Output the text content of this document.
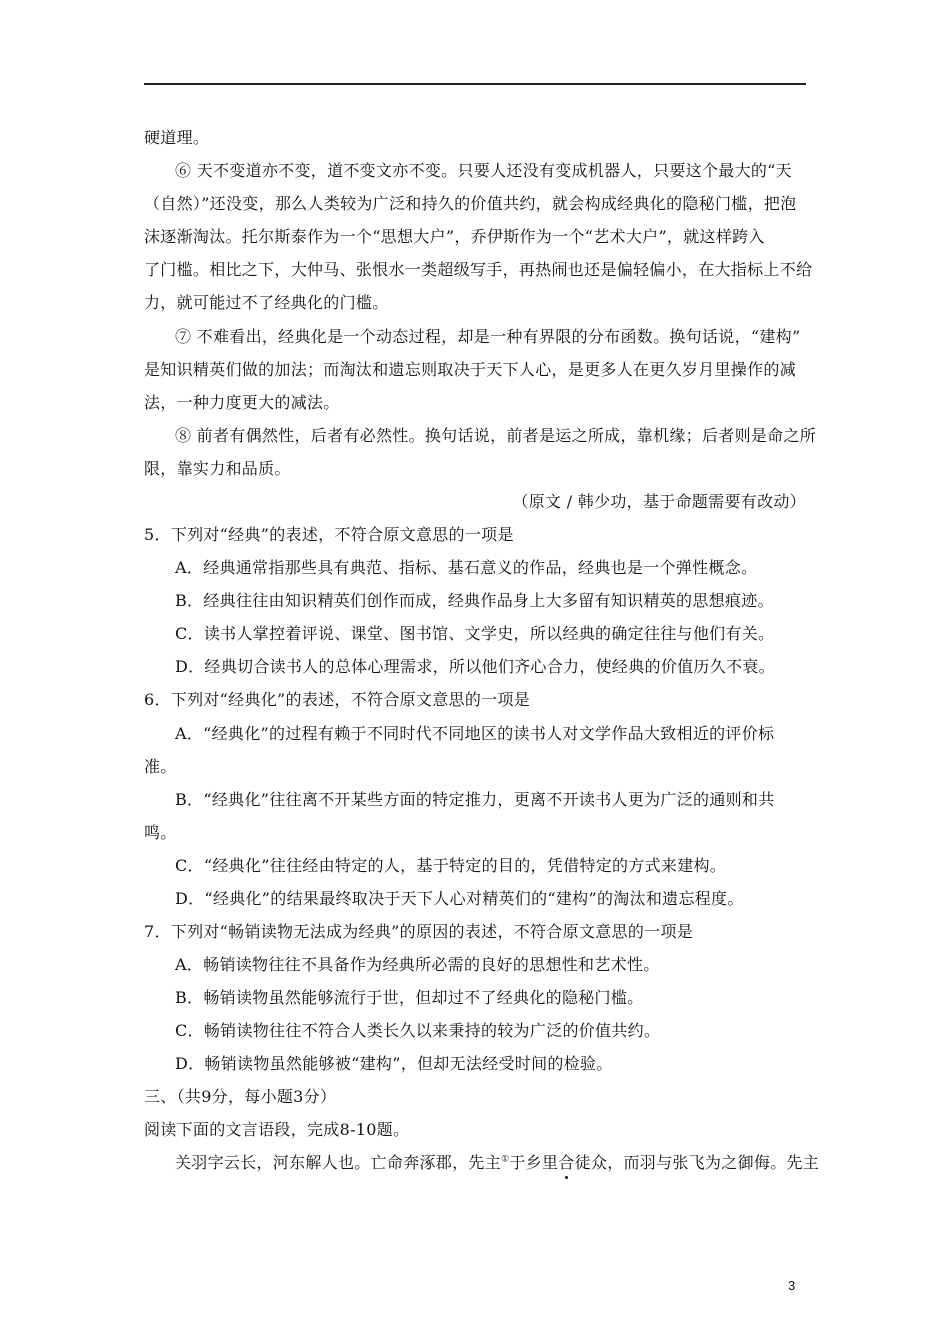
硬道理。
⑥ 天不变道亦不变，道不变文亦不变。只要人还没有变成机器人，只要这个最大的“天
（自然）”还没变，那么人类较为广泛和持久的价值共约，就会构成经典化的隐秘门槛，把泡
沫逐渐淘汰。托尔斯泰作为一个“思想大户”，乔伊斯作为一个“艺术大户”，就这样跨入
了门槛。相比之下，大仲马、张恨水一类超级写手，再热闹也还是偏轻偏小，在大指标上不给
力，就可能过不了经典化的门槛。
⑦ 不难看出，经典化是一个动态过程，却是一种有界限的分布函数。换句话说，“建构”
是知识精英们做的加法；而淘汰和遗忘则取决于天下人心，是更多人在更久岁月里操作的减
法，一种力度更大的减法。
⑧ 前者有偶然性，后者有必然性。换句话说，前者是运之所成，靠机缘；后者则是命之所
限，靠实力和品质。
（原文 / 韩少功，基于命题需要有改动）
5．下列对“经典”的表述，不符合原文意思的一项是
A．经典通常指那些具有典范、指标、基石意义的作品，经典也是一个弹性概念。
B．经典往往由知识精英们创作而成，经典作品身上大多留有知识精英的思想痕迹。
C．读书人掌控着评说、课堂、图书馆、文学史，所以经典的确定往往与他们有关。
D．经典切合读书人的总体心理需求，所以他们齐心合力，使经典的价值历久不衰。
6．下列对“经典化”的表述，不符合原文意思的一项是
A．“经典化”的过程有赖于不同时代不同地区的读书人对文学作品大致相近的评价标
准。
B．“经典化”往往离不开某些方面的特定推力，更离不开读书人更为广泛的通则和共
鸣。
C．“经典化”往往经由特定的人，基于特定的目的，凭借特定的方式来建构。
D．“经典化”的结果最终取决于天下人心对精英们的“建构”的淘汰和遗忘程度。
7．下列对“畅销读物无法成为经典”的原因的表述，不符合原文意思的一项是
A．畅销读物往往不具备作为经典所必需的良好的思想性和艺术性。
B．畅销读物虽然能够流行于世，但却过不了经典化的隐秘门槛。
C．畅销读物往往不符合人类长久以来秉持的较为广泛的价值共约。
D．畅销读物虽然能够被“建构”，但却无法经受时间的检验。
三、（共9分，每小题3分）
阅读下面的文言语段，完成8-10题。
关羽字云长，河东解人也。亡命奔涿郡，先主①于乡里合徒众，而羽与张飞为之御侮。先主
3
